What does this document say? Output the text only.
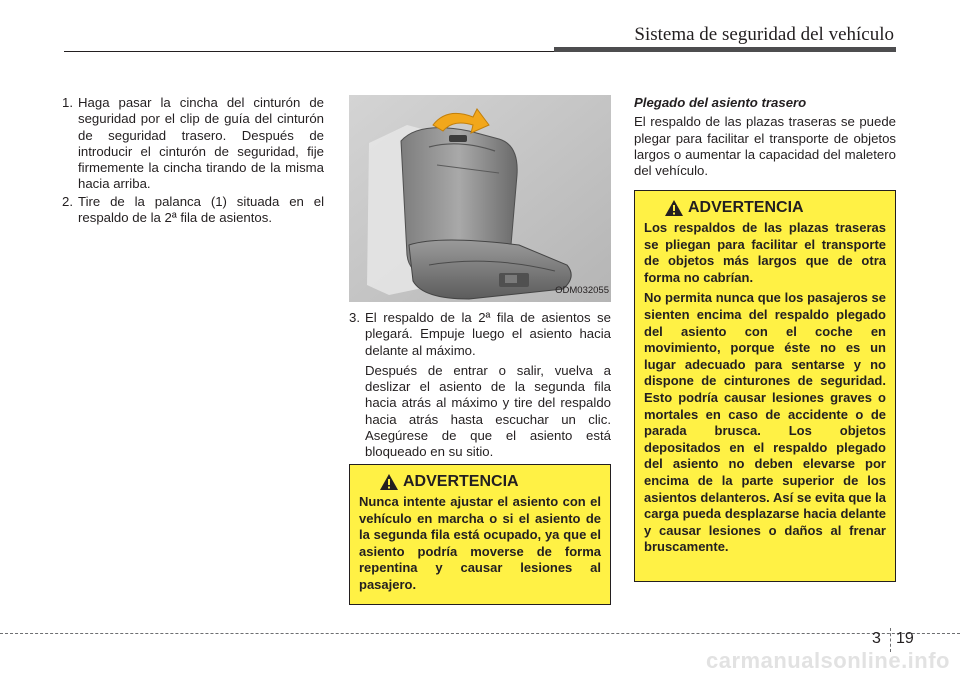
Sistema de seguridad del vehículo
1. Haga pasar la cincha del cinturón de seguridad por el clip de guía del cinturón de seguridad trasero. Después de introducir el cinturón de seguridad, fije firmemente la cincha tirando de la misma hacia arriba.
2. Tire de la palanca (1) situada en el respaldo de la 2ª fila de asientos.
ODM032055
3. El respaldo de la 2ª fila de asientos se plegará. Empuje luego el asiento hacia delante al máximo.
Después de entrar o salir, vuelva a deslizar el asiento de la segunda fila hacia atrás al máximo y tire del respaldo hacia atrás hasta escuchar un clic. Asegúrese de que el asiento está bloqueado en su sitio.
Plegado del asiento trasero
El respaldo de las plazas traseras se puede plegar para facilitar el transporte de objetos largos o aumentar la capacidad del maletero del vehículo.
ADVERTENCIA

Nunca intente ajustar el asiento con el vehículo en marcha o si el asiento de la segunda fila está ocupado, ya que el asiento podría moverse de forma repentina y causar lesiones al pasajero.

ADVERTENCIA

Los respaldos de las plazas traseras se pliegan para facilitar el transporte de objetos más largos que de otra forma no cabrían.

No permita nunca que los pasajeros se sienten encima del respaldo plegado del asiento con el coche en movimiento, porque éste no es un lugar adecuado para sentarse y no dispone de cinturones de seguridad. Esto podría causar lesiones graves o mortales en caso de accidente o de parada brusca. Los objetos depositados en el respaldo plegado del asiento no deben elevarse por encima de la parte superior de los asientos delanteros. Así se evita que la carga pueda desplazarse hacia delante y causar lesiones o daños al frenar bruscamente.

3 19
carmanualsonline.info
